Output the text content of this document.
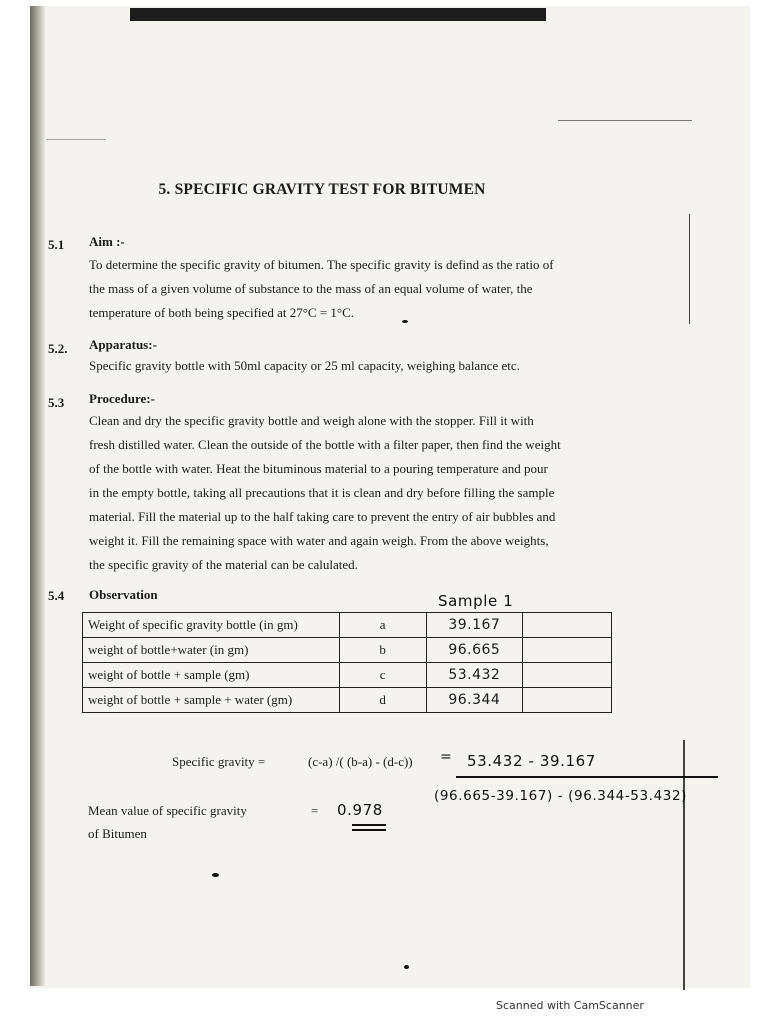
5. SPECIFIC GRAVITY TEST FOR BITUMEN
5.1 Aim :-
To determine the specific gravity of bitumen. The specific gravity is defind as the ratio of
the mass of a given volume of substance to the mass of an equal volume of water, the
temperature of both being specified at 27°C = 1°C.
5.2. Apparatus:-
Specific gravity bottle with 50ml capacity or 25 ml capacity, weighing balance etc.
5.3 Procedure:-
Clean and dry the specific gravity bottle and weigh alone with the stopper. Fill it with
fresh distilled water. Clean the outside of the bottle with a filter paper, then find the weight
of the bottle with water. Heat the bituminous material to a pouring temperature and pour
in the empty bottle, taking all precautions that it is clean and dry before filling the sample
material. Fill the material up to the half taking care to prevent the entry of air bubbles and
weight it. Fill the remaining space with water and again weigh. From the above weights,
the specific gravity of the material can be calulated.
5.4 Observation	Sample 1
Weight of specific gravity bottle (in gm)	a	39.167	
weight of bottle+water (in gm)	b	96.665	
weight of bottle + sample (gm)	c	53.432	
weight of bottle + sample + water (gm)	d	96.344	
Specific gravity =	(c-a) /( (b-a) - (d-c)) = 53.432 - 39.167
(96.665-39.167) - (96.344-53.432)
Mean value of specific gravity
of Bitumen
= 0.978
Scanned with CamScanner
